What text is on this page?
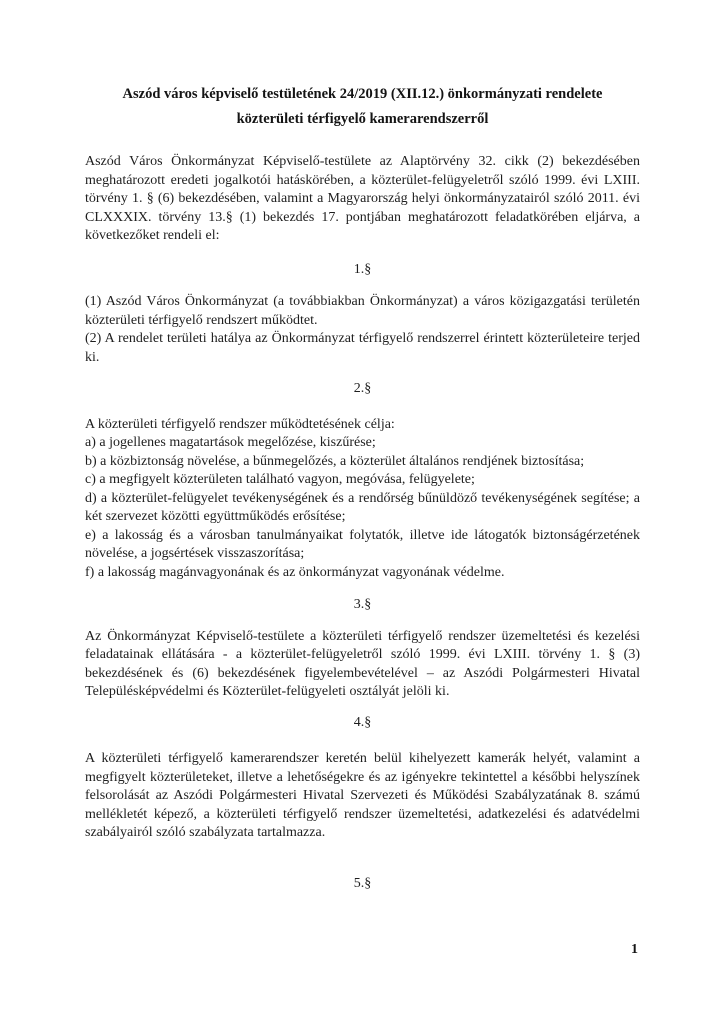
Aszód város képviselő testületének 24/2019 (XII.12.) önkormányzati rendelete

közterületi térfigyelő kamerarendszerről

Aszód Város Önkormányzat Képviselő-testülete az Alaptörvény 32. cikk (2) bekezdésében meghatározott eredeti jogalkotói hatáskörében, a közterület-felügyeletről szóló 1999. évi LXIII. törvény 1. § (6) bekezdésében, valamint a Magyarország helyi önkormányzatairól szóló 2011. évi CLXXXIX. törvény 13.§ (1) bekezdés 17. pontjában meghatározott feladatkörében eljárva, a következőket rendeli el:

1.§

(1) Aszód Város Önkormányzat (a továbbiakban Önkormányzat) a város közigazgatási területén közterületi térfigyelő rendszert működtet.

(2) A rendelet területi hatálya az Önkormányzat térfigyelő rendszerrel érintett közterületeire terjed ki.

2.§

A közterületi térfigyelő rendszer működtetésének célja:

a) a jogellenes magatartások megelőzése, kiszűrése;

b) a közbiztonság növelése, a bűnmegelőzés, a közterület általános rendjének biztosítása;

c) a megfigyelt közterületen található vagyon, megóvása, felügyelete;

d) a közterület-felügyelet tevékenységének és a rendőrség bűnüldöző tevékenységének segítése; a két szervezet közötti együttműködés erősítése;

e) a lakosság és a városban tanulmányaikat folytatók, illetve ide látogatók biztonságérzetének növelése, a jogsértések visszaszorítása;

f) a lakosság magánvagyonának és az önkormányzat vagyonának védelme.

3.§

Az Önkormányzat Képviselő-testülete a közterületi térfigyelő rendszer üzemeltetési és kezelési feladatainak ellátására - a közterület-felügyeletről szóló 1999. évi LXIII. törvény 1. § (3) bekezdésének és (6) bekezdésének figyelembevételével – az Aszódi Polgármesteri Hivatal Településképvédelmi és Közterület-felügyeleti osztályát jelöli ki.

4.§

A közterületi térfigyelő kamerarendszer keretén belül kihelyezett kamerák helyét, valamint a megfigyelt közterületeket, illetve a lehetőségekre és az igényekre tekintettel a későbbi helyszínek felsorolását az Aszódi Polgármesteri Hivatal Szervezeti és Működési Szabályzatának 8. számú mellékletét képező, a közterületi térfigyelő rendszer üzemeltetési, adatkezelési és adatvédelmi szabályairól szóló szabályzata tartalmazza.

5.§

1
